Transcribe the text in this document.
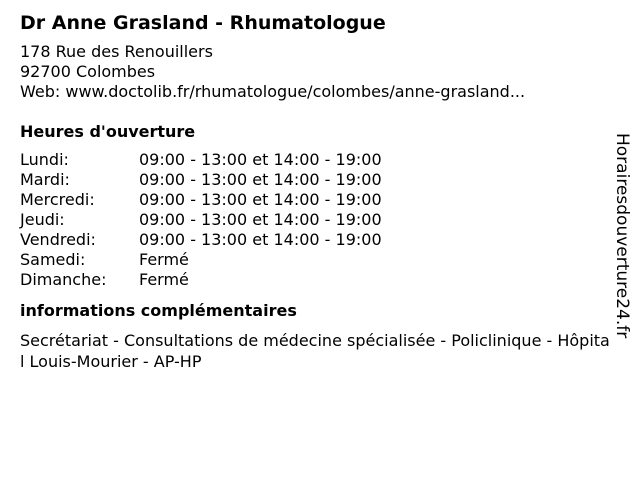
Dr Anne Grasland - Rhumatologue
178 Rue des Renouillers
92700 Colombes
Web: www.doctolib.fr/rhumatologue/colombes/anne-grasland...
Heures d'ouverture
Lundi:	09:00 - 13:00 et 14:00 - 19:00
Mardi:	09:00 - 13:00 et 14:00 - 19:00
Mercredi:	09:00 - 13:00 et 14:00 - 19:00
Jeudi:	09:00 - 13:00 et 14:00 - 19:00
Vendredi:	09:00 - 13:00 et 14:00 - 19:00
Samedi:	Fermé
Dimanche:	Fermé
informations complémentaires
Secrétariat - Consultations de médecine spécialisée - Policlinique - Hôpital Louis-Mourier - AP-HP
Horairesdouverture24.fr
